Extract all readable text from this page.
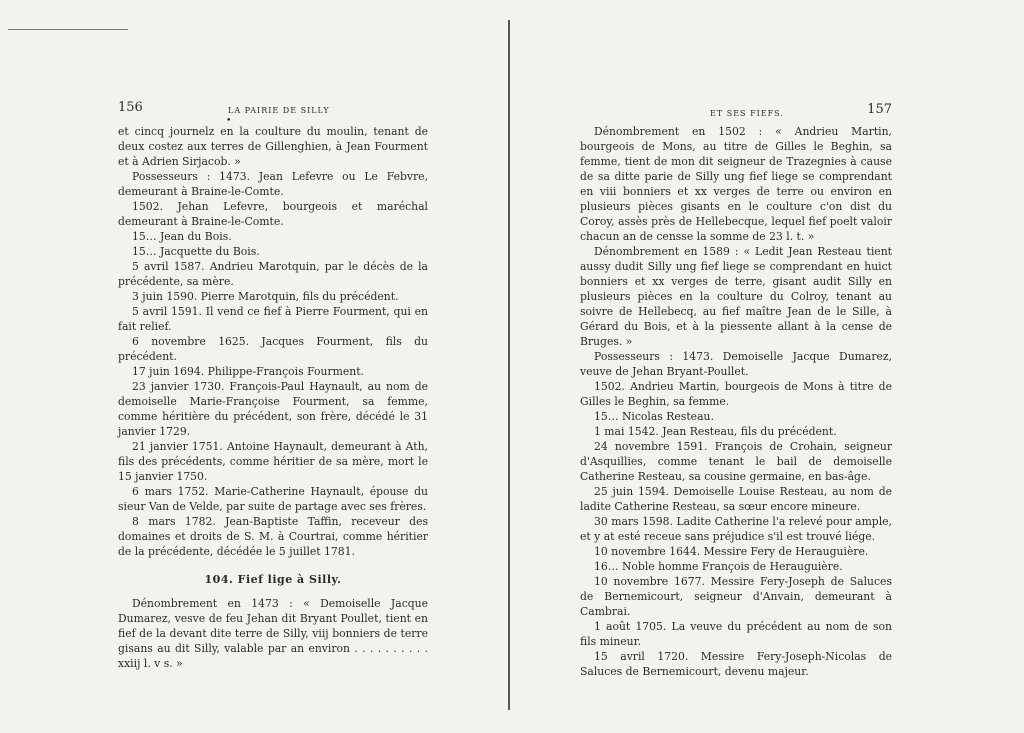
156	LA PAIRIE DE SILLY
•

et cincq journelz en la coulture du moulin, tenant de deux costez aux terres de Gillenghien, à Jean Fourment et à Adrien Sirjacob. »

Possesseurs : 1473. Jean Lefevre ou Le Febvre, demeurant à Braine-le-Comte.

1502. Jehan Lefevre, bourgeois et maréchal demeurant à Braine-le-Comte.

15… Jean du Bois.

15… Jacquette du Bois.

5 avril 1587. Andrieu Marotquin, par le décès de la précédente, sa mère.

3 juin 1590. Pierre Marotquin, fils du précédent.

5 avril 1591. Il vend ce fief à Pierre Fourment, qui en fait relief.

6 novembre 1625. Jacques Fourment, fils du précédent.

17 juin 1694. Philippe-François Fourment.

23 janvier 1730. François-Paul Haynault, au nom de demoiselle Marie-Françoise Fourment, sa femme, comme héritière du précédent, son frère, décédé le 31 janvier 1729.

21 janvier 1751. Antoine Haynault, demeurant à Ath, fils des précédents, comme héritier de sa mère, mort le 15 janvier 1750.

6 mars 1752. Marie-Catherine Haynault, épouse du sieur Van de Velde, par suite de partage avec ses frères.

8 mars 1782. Jean-Baptiste Taffin, receveur des domaines et droits de S. M. à Courtrai, comme héritier de la précédente, décédée le 5 juillet 1781.

104. Fief lige à Silly.

Dénombrement en 1473 : « Demoiselle Jacque Dumarez, vesve de feu Jehan dit Bryant Poullet, tient en fief de la devant dite terre de Silly, viij bonniers de terre gisans au dit Silly, valable par an environ . . . . . . . . . . xxiij l. v s. »

ET SES FIEFS.	157

Dénombrement en 1502 : « Andrieu Martin, bourgeois de Mons, au titre de Gilles le Beghin, sa femme, tient de mon dit seigneur de Trazegnies à cause de sa ditte parie de Silly ung fief liege se comprendant en viii bonniers et xx verges de terre ou environ en plusieurs pièces gisants en le coulture c'on dist du Coroy, assès près de Hellebecque, lequel fief poelt valoir chacun an de censse la somme de 23 l. t. »

Dénombrement en 1589 : « Ledit Jean Resteau tient aussy dudit Silly ung fief liege se comprendant en huict bonniers et xx verges de terre, gisant audit Silly en plusieurs pièces en la coulture du Colroy, tenant au soivre de Hellebecq, au fief maître Jean de le Sille, à Gérard du Bois, et à la piessente allant à la cense de Bruges. »

Possesseurs : 1473. Demoiselle Jacque Dumarez, veuve de Jehan Bryant-Poullet.

1502. Andrieu Martin, bourgeois de Mons à titre de Gilles le Beghin, sa femme.

15… Nicolas Resteau.

1 mai 1542. Jean Resteau, fils du précédent.

24 novembre 1591. François de Crohain, seigneur d'Asquillies, comme tenant le bail de demoiselle Catherine Resteau, sa cousine germaine, en bas-âge.

25 juin 1594. Demoiselle Louise Resteau, au nom de ladite Catherine Resteau, sa sœur encore mineure.

30 mars 1598. Ladite Catherine l'a relevé pour ample, et y at esté receue sans préjudice s'il est trouvé liége.

10 novembre 1644. Messire Fery de Herauguière.

16… Noble homme François de Herauguière.

10 novembre 1677. Messire Fery-Joseph de Saluces de Bernemicourt, seigneur d'Anvain, demeurant à Cambrai.

1 août 1705. La veuve du précédent au nom de son fils mineur.

15 avril 1720. Messire Fery-Joseph-Nicolas de Saluces de Bernemicourt, devenu majeur.
